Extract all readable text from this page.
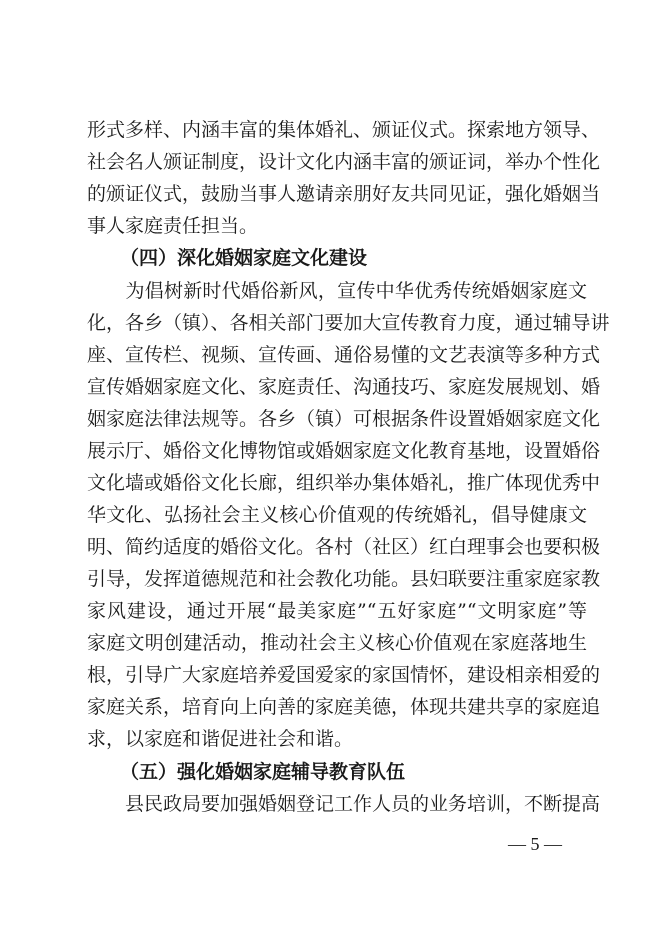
形式多样、内涵丰富的集体婚礼、颁证仪式。探索地方领导、
社会名人颁证制度，设计文化内涵丰富的颁证词，举办个性化
的颁证仪式，鼓励当事人邀请亲朋好友共同见证，强化婚姻当
事人家庭责任担当。
（四）深化婚姻家庭文化建设
　　为倡树新时代婚俗新风，宣传中华优秀传统婚姻家庭文
化，各乡（镇）、各相关部门要加大宣传教育力度，通过辅导讲
座、宣传栏、视频、宣传画、通俗易懂的文艺表演等多种方式
宣传婚姻家庭文化、家庭责任、沟通技巧、家庭发展规划、婚
姻家庭法律法规等。各乡（镇）可根据条件设置婚姻家庭文化
展示厅、婚俗文化博物馆或婚姻家庭文化教育基地，设置婚俗
文化墙或婚俗文化长廊，组织举办集体婚礼，推广体现优秀中
华文化、弘扬社会主义核心价值观的传统婚礼，倡导健康文
明、简约适度的婚俗文化。各村（社区）红白理事会也要积极
引导，发挥道德规范和社会教化功能。县妇联要注重家庭家教
家风建设，通过开展“最美家庭”“五好家庭”“文明家庭”等
家庭文明创建活动，推动社会主义核心价值观在家庭落地生
根，引导广大家庭培养爱国爱家的家国情怀，建设相亲相爱的
家庭关系，培育向上向善的家庭美德，体现共建共享的家庭追
求，以家庭和谐促进社会和谐。
（五）强化婚姻家庭辅导教育队伍
　　县民政局要加强婚姻登记工作人员的业务培训，不断提高
— 5 —
